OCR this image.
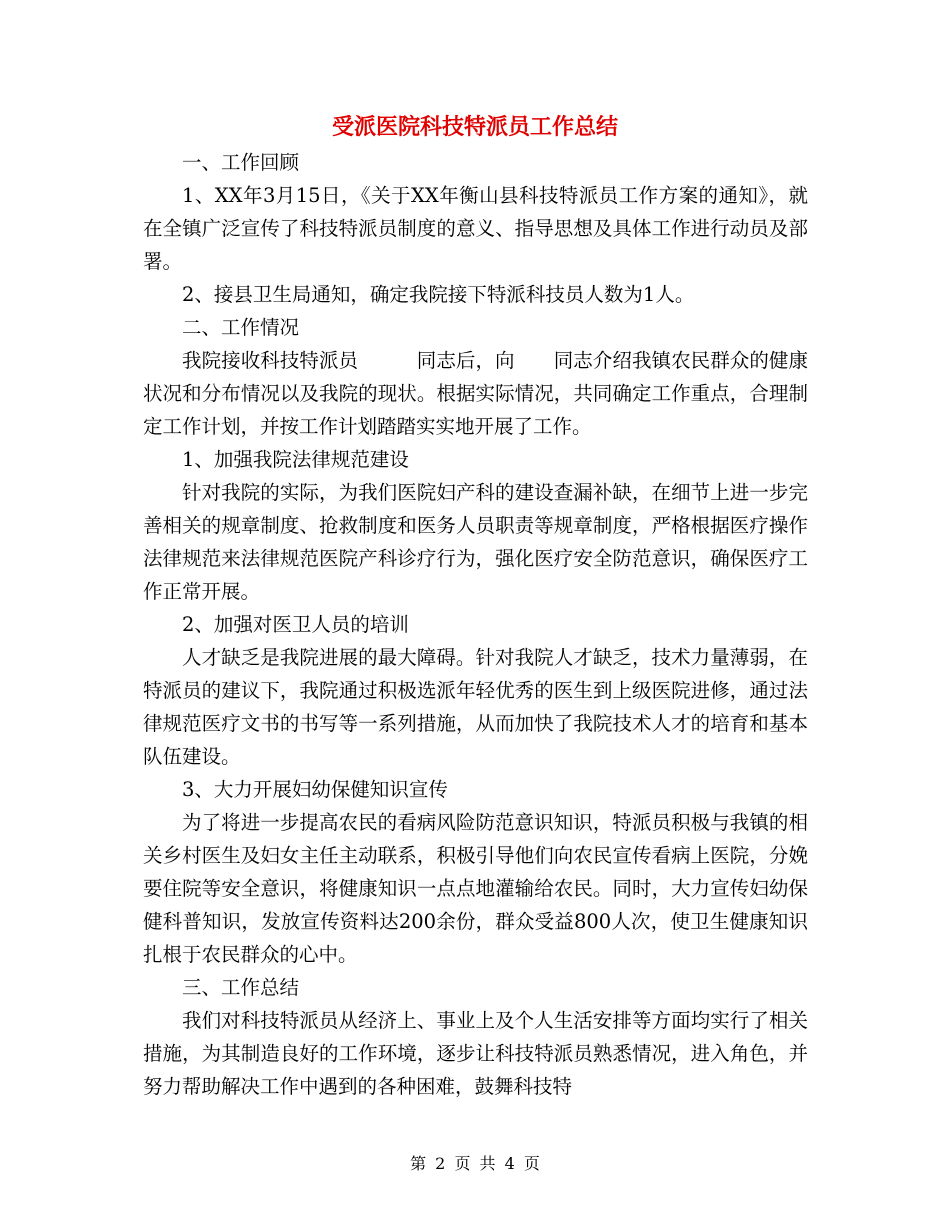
受派医院科技特派员工作总结

一、工作回顾

1、XX年3月15日，《关于XX年衡山县科技特派员工作方案的通知》，就在全镇广泛宣传了科技特派员制度的意义、指导思想及具体工作进行动员及部署。

2、接县卫生局通知，确定我院接下特派科技员人数为1人。

二、工作情况

我院接收科技特派员　　　同志后，向　　同志介绍我镇农民群众的健康状况和分布情况以及我院的现状。根据实际情况，共同确定工作重点，合理制定工作计划，并按工作计划踏踏实实地开展了工作。

1、加强我院法律规范建设

针对我院的实际，为我们医院妇产科的建设查漏补缺，在细节上进一步完善相关的规章制度、抢救制度和医务人员职责等规章制度，严格根据医疗操作法律规范来法律规范医院产科诊疗行为，强化医疗安全防范意识，确保医疗工作正常开展。

2、加强对医卫人员的培训

人才缺乏是我院进展的最大障碍。针对我院人才缺乏，技术力量薄弱，在特派员的建议下，我院通过积极选派年轻优秀的医生到上级医院进修，通过法律规范医疗文书的书写等一系列措施，从而加快了我院技术人才的培育和基本队伍建设。

3、大力开展妇幼保健知识宣传

为了将进一步提高农民的看病风险防范意识知识，特派员积极与我镇的相关乡村医生及妇女主任主动联系，积极引导他们向农民宣传看病上医院，分娩要住院等安全意识，将健康知识一点点地灌输给农民。同时，大力宣传妇幼保健科普知识，发放宣传资料达200余份，群众受益800人次，使卫生健康知识扎根于农民群众的心中。

三、工作总结

我们对科技特派员从经济上、事业上及个人生活安排等方面均实行了相关措施，为其制造良好的工作环境，逐步让科技特派员熟悉情况，进入角色，并努力帮助解决工作中遇到的各种困难，鼓舞科技特

第 2 页 共 4 页
